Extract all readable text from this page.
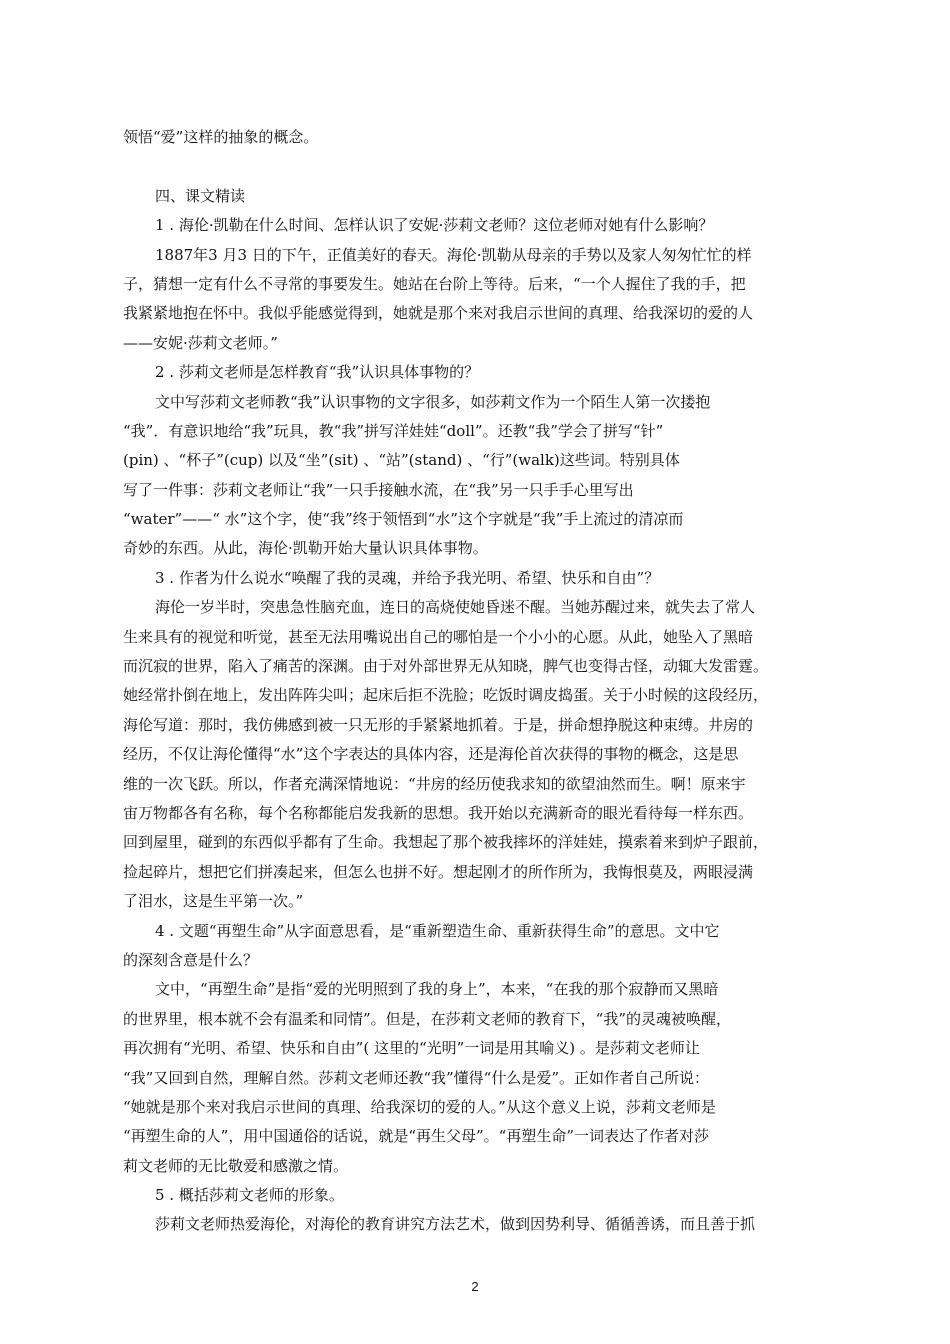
领悟“爱”这样的抽象的概念。
四、课文精读
1 . 海伦·凯勒在什么时间、怎样认识了安妮·莎莉文老师？这位老师对她有什么影响？
1887年3 月3 日的下午，正值美好的春天。海伦·凯勒从母亲的手势以及家人匆匆忙忙的样
子，猜想一定有什么不寻常的事要发生。她站在台阶上等待。后来，“一个人握住了我的手，把
我紧紧地抱在怀中。我似乎能感觉得到，她就是那个来对我启示世间的真理、给我深切的爱的人
——安妮·莎莉文老师。”
2 . 莎莉文老师是怎样教育“我”认识具体事物的？
文中写莎莉文老师教“我”认识事物的文字很多，如莎莉文作为一个陌生人第一次搂抱
“我”．有意识地给“我”玩具，教“我”拼写洋娃娃“doll”。还教“我”学会了拼写“针”
(pin) 、“杯子”(cup) 以及“坐”(sit) 、“站”(stand) 、“行”(walk)这些词。特别具体
写了一件事：莎莉文老师让“我”一只手接触水流，在“我”另一只手手心里写出
“water”——“ 水”这个字，使“我”终于领悟到“水”这个字就是“我”手上流过的清凉而
奇妙的东西。从此，海伦·凯勒开始大量认识具体事物。
3 . 作者为什么说水“唤醒了我的灵魂，并给予我光明、希望、快乐和自由”？
海伦一岁半时，突患急性脑充血，连日的高烧使她昏迷不醒。当她苏醒过来，就失去了常人
生来具有的视觉和听觉，甚至无法用嘴说出自己的哪怕是一个小小的心愿。从此，她坠入了黑暗
而沉寂的世界，陷入了痛苦的深渊。由于对外部世界无从知晓，脾气也变得古怪，动辄大发雷霆。
她经常扑倒在地上，发出阵阵尖叫；起床后拒不洗脸；吃饭时调皮捣蛋。关于小时候的这段经历，
海伦写道：那时，我仿佛感到被一只无形的手紧紧地抓着。于是，拼命想挣脱这种束缚。井房的
经历，不仅让海伦懂得“水”这个字表达的具体内容，还是海伦首次获得的事物的概念，这是思
维的一次飞跃。所以，作者充满深情地说：“井房的经历使我求知的欲望油然而生。啊！原来宇
宙万物都各有名称，每个名称都能启发我新的思想。我开始以充满新奇的眼光看待每一样东西。
回到屋里，碰到的东西似乎都有了生命。我想起了那个被我摔坏的洋娃娃，摸索着来到炉子跟前，
捡起碎片，想把它们拼凑起来，但怎么也拼不好。想起刚才的所作所为，我悔恨莫及，两眼浸满
了泪水，这是生平第一次。”
4 . 文题“再塑生命”从字面意思看，是“重新塑造生命、重新获得生命”的意思。文中它
的深刻含意是什么？
文中，“再塑生命”是指“爱的光明照到了我的身上”，本来，“在我的那个寂静而又黑暗
的世界里，根本就不会有温柔和同情”。但是，在莎莉文老师的教育下，“我”的灵魂被唤醒，
再次拥有“光明、希望、快乐和自由”( 这里的“光明”一词是用其喻义) 。是莎莉文老师让
“我”又回到自然，理解自然。莎莉文老师还教“我”懂得“什么是爱”。正如作者自己所说：
“她就是那个来对我启示世间的真理、给我深切的爱的人。”从这个意义上说，莎莉文老师是
“再塑生命的人”，用中国通俗的话说，就是“再生父母”。“再塑生命”一词表达了作者对莎
莉文老师的无比敬爱和感激之情。
5 . 概括莎莉文老师的形象。
莎莉文老师热爱海伦，对海伦的教育讲究方法艺术，做到因势利导、循循善诱，而且善于抓
2
